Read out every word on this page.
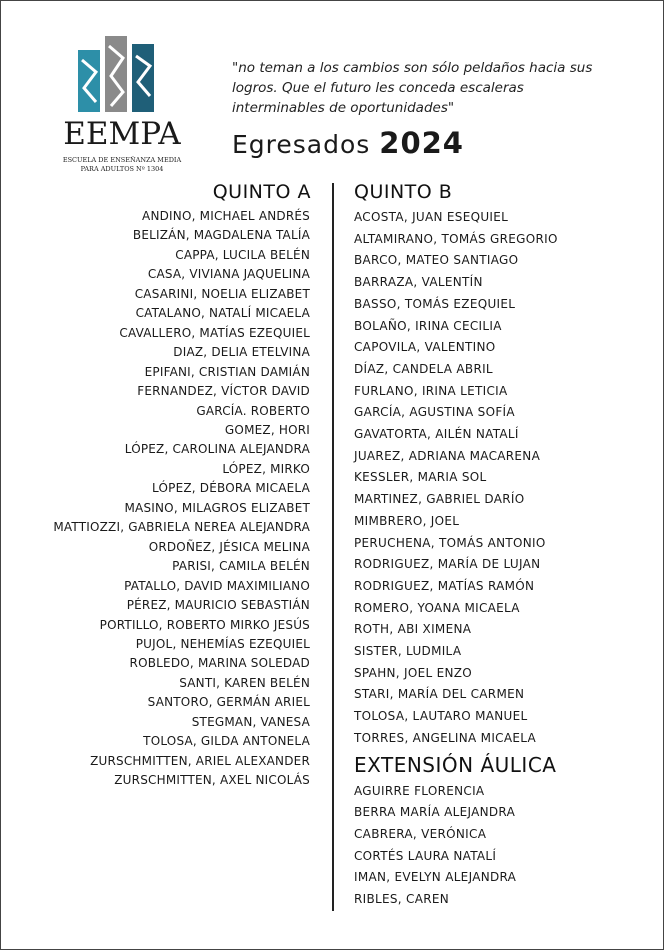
EEMPA
ESCUELA DE ENSEÑANZA MEDIA
PARA ADULTOS Nº 1304
"no teman a los cambios son sólo peldaños hacia sus
logros. Que el futuro les conceda escaleras
interminables de oportunidades"
Egresados 2024
QUINTO A
ANDINO, MICHAEL ANDRÉS
BELIZÁN, MAGDALENA TALÍA
CAPPA, LUCILA BELÉN
CASA, VIVIANA JAQUELINA
CASARINI, NOELIA ELIZABET
CATALANO, NATALÍ MICAELA
CAVALLERO, MATÍAS EZEQUIEL
DIAZ, DELIA ETELVINA
EPIFANI, CRISTIAN DAMIÁN
FERNANDEZ, VÍCTOR DAVID
GARCÍA. ROBERTO
GOMEZ, HORI
LÓPEZ, CAROLINA ALEJANDRA
LÓPEZ, MIRKO
LÓPEZ, DÉBORA MICAELA
MASINO, MILAGROS ELIZABET
MATTIOZZI, GABRIELA NEREA ALEJANDRA
ORDOÑEZ, JÉSICA MELINA
PARISI, CAMILA BELÉN
PATALLO, DAVID MAXIMILIANO
PÉREZ, MAURICIO SEBASTIÁN
PORTILLO, ROBERTO MIRKO JESÚS
PUJOL, NEHEMÍAS EZEQUIEL
ROBLEDO, MARINA SOLEDAD
SANTI, KAREN BELÉN
SANTORO, GERMÁN ARIEL
STEGMAN, VANESA
TOLOSA, GILDA ANTONELA
ZURSCHMITTEN, ARIEL ALEXANDER
ZURSCHMITTEN, AXEL NICOLÁS
QUINTO B
ACOSTA, JUAN ESEQUIEL
ALTAMIRANO, TOMÁS GREGORIO
BARCO, MATEO SANTIAGO
BARRAZA, VALENTÍN
BASSO, TOMÁS EZEQUIEL
BOLAÑO, IRINA CECILIA
CAPOVILA, VALENTINO
DÍAZ, CANDELA ABRIL
FURLANO, IRINA LETICIA
GARCÍA, AGUSTINA SOFÍA
GAVATORTA, AILÉN NATALÍ
JUAREZ, ADRIANA MACARENA
KESSLER, MARIA SOL
MARTINEZ, GABRIEL DARÍO
MIMBRERO, JOEL
PERUCHENA, TOMÁS ANTONIO
RODRIGUEZ, MARÍA DE LUJAN
RODRIGUEZ, MATÍAS RAMÓN
ROMERO, YOANA MICAELA
ROTH, ABI XIMENA
SISTER, LUDMILA
SPAHN, JOEL ENZO
STARI, MARÍA DEL CARMEN
TOLOSA, LAUTARO MANUEL
TORRES, ANGELINA MICAELA
EXTENSIÓN ÁULICA
AGUIRRE FLORENCIA
BERRA MARÍA ALEJANDRA
CABRERA, VERÓNICA
CORTÉS LAURA NATALÍ
IMAN, EVELYN ALEJANDRA
RIBLES, CAREN
